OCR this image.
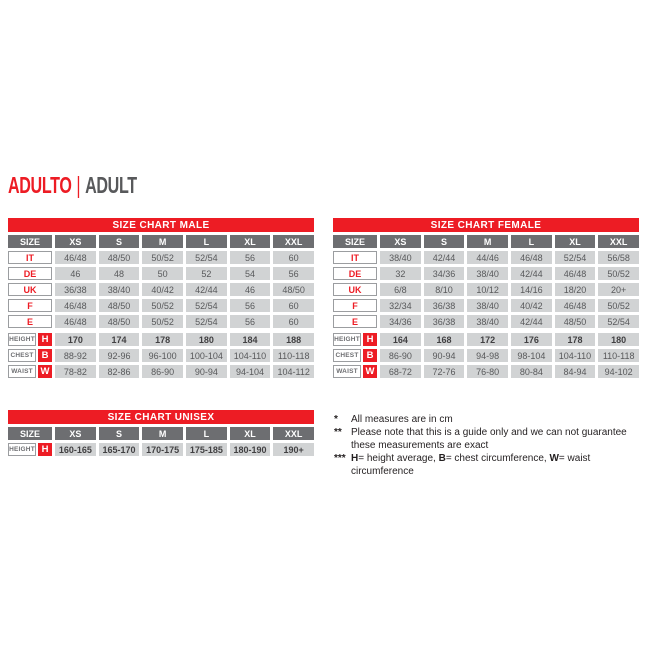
ADULTO | ADULT
SIZE CHART MALE
SIZE	XS	S	M	L	XL	XXL
IT	46/48	48/50	50/52	52/54	56	60
DE	46	48	50	52	54	56
UK	36/38	38/40	40/42	42/44	46	48/50
F	46/48	48/50	50/52	52/54	56	60
E	46/48	48/50	50/52	52/54	56	60
HEIGHT H	170	174	178	180	184	188
CHEST B	88-92	92-96	96-100	100-104	104-110	110-118
WAIST W	78-82	82-86	86-90	90-94	94-104	104-112
SIZE CHART FEMALE
SIZE	XS	S	M	L	XL	XXL
IT	38/40	42/44	44/46	46/48	52/54	56/58
DE	32	34/36	38/40	42/44	46/48	50/52
UK	6/8	8/10	10/12	14/16	18/20	20+
F	32/34	36/38	38/40	40/42	46/48	50/52
E	34/36	36/38	38/40	42/44	48/50	52/54
HEIGHT H	164	168	172	176	178	180
CHEST B	86-90	90-94	94-98	98-104	104-110	110-118
WAIST W	68-72	72-76	76-80	80-84	84-94	94-102
SIZE CHART UNISEX
SIZE	XS	S	M	L	XL	XXL
HEIGHT H	160-165	165-170	170-175	175-185	180-190	190+
*	All measures are in cm
** Please note that this is a guide only and we can not guarantee
these measurements are exact
*** H= height average, B= chest circumference, W= waist circumference
